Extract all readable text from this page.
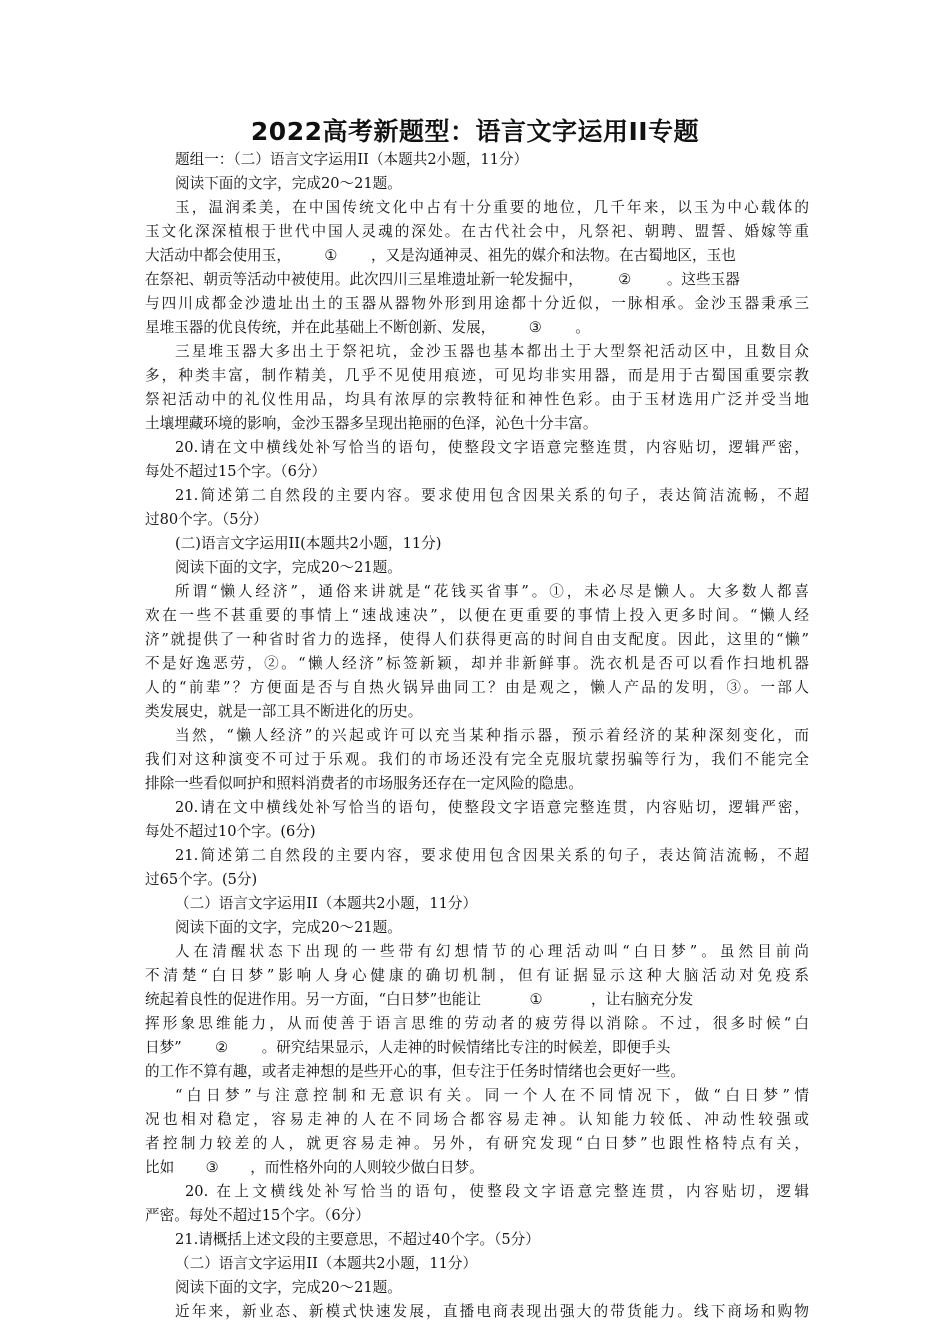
2022高考新题型：语言文字运用II专题
题组一：（二）语言文字运用II（本题共2小题，11分）
阅读下面的文字，完成20～21题。
玉，温润柔美，在中国传统文化中占有十分重要的地位，几千年来，以玉为中心载体的
玉文化深深植根于世代中国人灵魂的深处。在古代社会中，凡祭祀、朝聘、盟誓、婚嫁等重
大活动中都会使用玉， ① ，又是沟通神灵、祖先的媒介和法物。在古蜀地区，玉也
在祭祀、朝贡等活动中被使用。此次四川三星堆遗址新一轮发掘中， ② 。这些玉器
与四川成都金沙遗址出土的玉器从器物外形到用途都十分近似，一脉相承。金沙玉器秉承三
星堆玉器的优良传统，并在此基础上不断创新、发展， ③ 。
三星堆玉器大多出土于祭祀坑，金沙玉器也基本都出土于大型祭祀活动区中，且数目众
多，种类丰富，制作精美，几乎不见使用痕迹，可见均非实用器，而是用于古蜀国重要宗教
祭祀活动中的礼仪性用品，均具有浓厚的宗教特征和神性色彩。由于玉材选用广泛并受当地
土壤埋藏环境的影响，金沙玉器多呈现出艳丽的色泽，沁色十分丰富。
20.请在文中横线处补写恰当的语句，使整段文字语意完整连贯，内容贴切，逻辑严密，
每处不超过15个字。（6分）
21.简述第二自然段的主要内容。要求使用包含因果关系的句子，表达简洁流畅，不超
过80个字。（5分）
(二)语言文字运用II(本题共2小题，11分)
阅读下面的文字，完成20～21题。
所谓“懒人经济”，通俗来讲就是“花钱买省事”。①，未必尽是懒人。大多数人都喜
欢在一些不甚重要的事情上“速战速决”，以便在更重要的事情上投入更多时间。“懒人经
济”就提供了一种省时省力的选择，使得人们获得更高的时间自由支配度。因此，这里的“懒”
不是好逸恶劳，②。“懒人经济”标签新颖，却并非新鲜事。洗衣机是否可以看作扫地机器
人的“前辈”？方便面是否与自热火锅异曲同工？由是观之，懒人产品的发明，③。一部人
类发展史，就是一部工具不断进化的历史。
当然，“懒人经济”的兴起或许可以充当某种指示器，预示着经济的某种深刻变化，而
我们对这种演变不可过于乐观。我们的市场还没有完全克服坑蒙拐骗等行为，我们不能完全
排除一些看似呵护和照料消费者的市场服务还存在一定风险的隐患。
20.请在文中横线处补写恰当的语句，使整段文字语意完整连贯，内容贴切，逻辑严密，
每处不超过10个字。(6分)
21.简述第二自然段的主要内容，要求使用包含因果关系的句子，表达简洁流畅，不超
过65个字。(5分)
（二）语言文字运用II（本题共2小题，11分）
阅读下面的文字，完成20～21题。
人在清醒状态下出现的一些带有幻想情节的心理活动叫“白日梦”。虽然目前尚
不清楚“白日梦”影响人身心健康的确切机制，但有证据显示这种大脑活动对免疫系
统起着良性的促进作用。另一方面，“白日梦”也能让	①	，让右脑充分发
挥形象思维能力，从而使善于语言思维的劳动者的疲劳得以消除。不过，很多时候“白
日梦” ② 。研究结果显示，人走神的时候情绪比专注的时候差，即便手头
的工作不算有趣，或者走神想的是些开心的事，但专注于任务时情绪也会更好一些。
“白日梦”与注意控制和无意识有关。同一个人在不同情况下，做“白日梦”情
况也相对稳定，容易走神的人在不同场合都容易走神。认知能力较低、冲动性较强或
者控制力较差的人，就更容易走神。另外，有研究发现“白日梦”也跟性格特点有关，
比如 ③ ，而性格外向的人则较少做白日梦。
20. 在上文横线处补写恰当的语句，使整段文字语意完整连贯，内容贴切，逻辑
严密。每处不超过15个字。（6分）
21.请概括上述文段的主要意思，不超过40个字。（5分）
（二）语言文字运用II（本题共2小题，11分）
阅读下面的文字，完成20～21题。
近年来，新业态、新模式快速发展，直播电商表现出强大的带货能力。线下商场和购物
